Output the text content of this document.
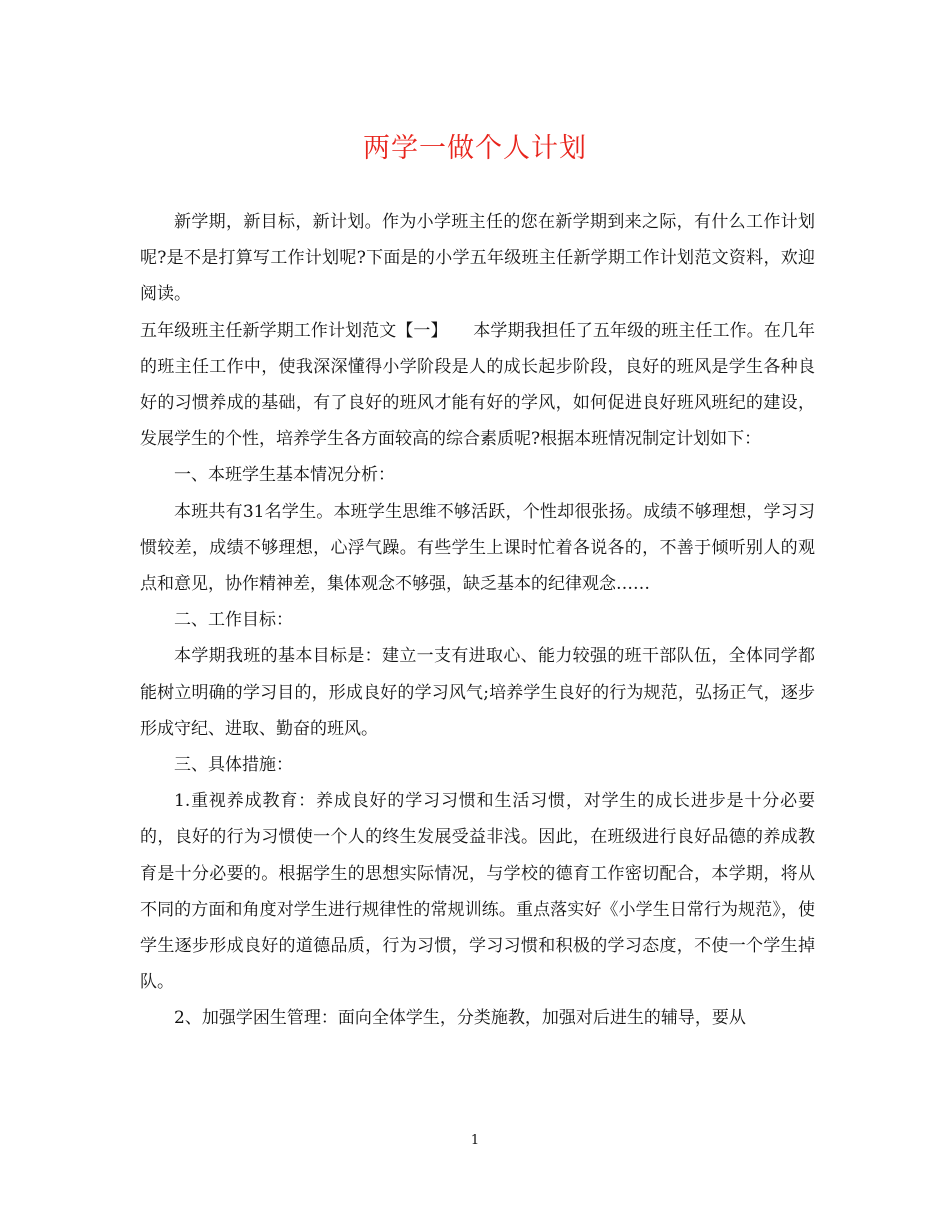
两学一做个人计划

新学期，新目标，新计划。作为小学班主任的您在新学期到来之际，有什么工作计划呢?是不是打算写工作计划呢?下面是的小学五年级班主任新学期工作计划范文资料，欢迎阅读。

五年级班主任新学期工作计划范文【一】　　本学期我担任了五年级的班主任工作。在几年的班主任工作中，使我深深懂得小学阶段是人的成长起步阶段，良好的班风是学生各种良好的习惯养成的基础，有了良好的班风才能有好的学风，如何促进良好班风班纪的建设，发展学生的个性，培养学生各方面较高的综合素质呢?根据本班情况制定计划如下：

一、本班学生基本情况分析：

本班共有31名学生。本班学生思维不够活跃，个性却很张扬。成绩不够理想，学习习惯较差，成绩不够理想，心浮气躁。有些学生上课时忙着各说各的，不善于倾听别人的观点和意见，协作精神差，集体观念不够强，缺乏基本的纪律观念……

二、工作目标：

本学期我班的基本目标是：建立一支有进取心、能力较强的班干部队伍，全体同学都能树立明确的学习目的，形成良好的学习风气;培养学生良好的行为规范，弘扬正气，逐步形成守纪、进取、勤奋的班风。

三、具体措施：

1.重视养成教育：养成良好的学习习惯和生活习惯，对学生的成长进步是十分必要的，良好的行为习惯使一个人的终生发展受益非浅。因此，在班级进行良好品德的养成教育是十分必要的。根据学生的思想实际情况，与学校的德育工作密切配合，本学期，将从不同的方面和角度对学生进行规律性的常规训练。重点落实好《小学生日常行为规范》，使学生逐步形成良好的道德品质，行为习惯，学习习惯和积极的学习态度，不使一个学生掉队。

2、加强学困生管理：面向全体学生，分类施教，加强对后进生的辅导，要从

1
